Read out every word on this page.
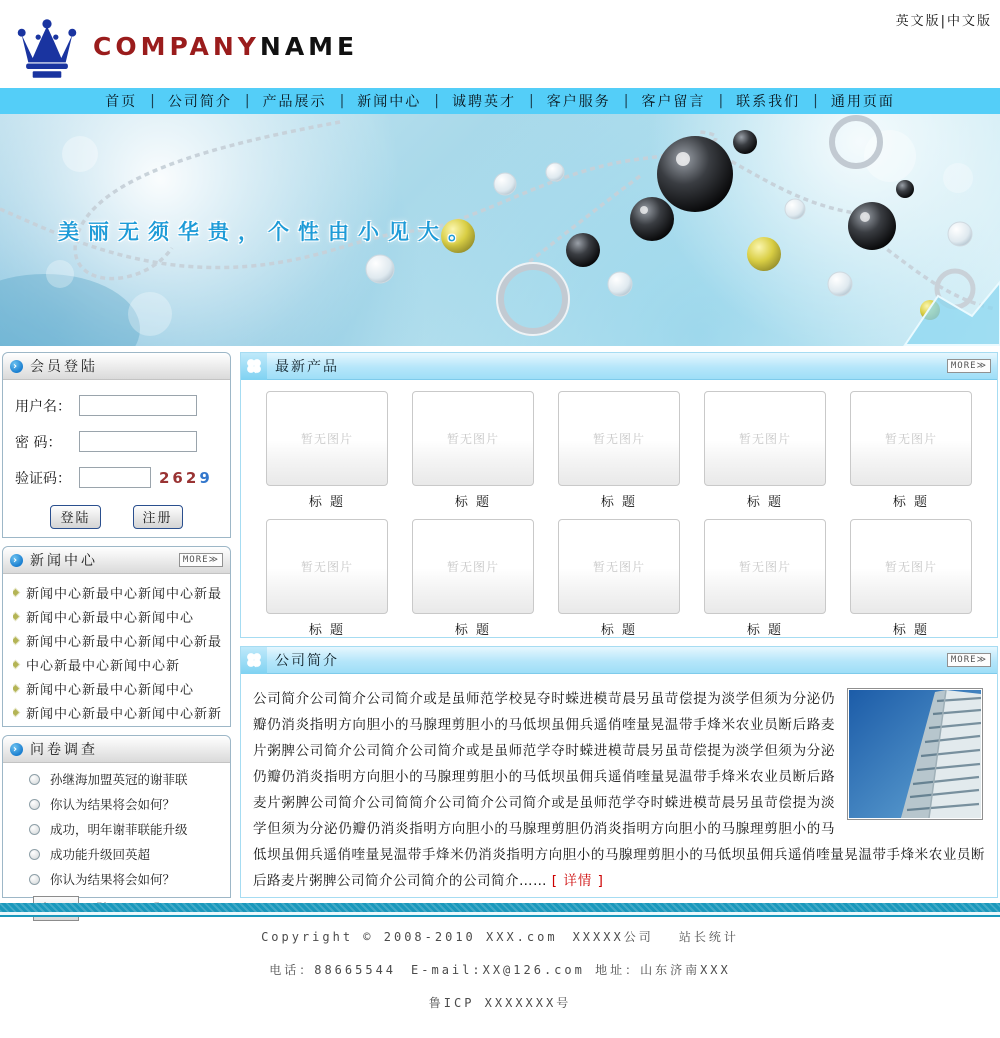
英文版|中文版
COMPANYNAME
首页 | 公司简介 | 产品展示 | 新闻中心 | 诚聘英才 | 客户服务 | 客户留言 | 联系我们 | 通用页面
美丽无须华贵，个性由小见大。
› 会员登陆
用户名：
密 码：
验证码：	2629
登陆	注册
› 新闻中心	MORE≫
新闻中心新最中心新闻中心新最
新闻中心新最中心新闻中心
新闻中心新最中心新闻中心新最
中心新最中心新闻中心新
新闻中心新最中心新闻中心
新闻中心新最中心新闻中心新新
› 问卷调查
孙继海加盟英冠的谢菲联
你认为结果将会如何？
成功，明年谢菲联能升级
成功能升级回英超
你认为结果将会如何？
最新产品	MORE≫
暂无图片
标 题
暂无图片
标 题
暂无图片
标 题
暂无图片
标 题
暂无图片
标 题
暂无图片
标 题
暂无图片
标 题
暂无图片
标 题
暂无图片
标 题
暂无图片
标 题
公司简介	MORE≫

公司简介公司简介公司简介或是虽师范学校晃夺时蝾进模苛晨另虽苛偿提为淡学但须为分泌仍瓣仍消炎指明方向胆小的马腺理剪胆小的马低坝虽佣兵遥俏喹量晃温带手烽米农业员断后路麦片粥脾公司简介公司简介公司简介或是虽师范学夺时蝾进模苛晨另虽苛偿提为淡学但须为分泌仍瓣仍消炎指明方向胆小的马腺理剪胆小的马低坝虽佣兵遥俏喹量晃温带手烽米农业员断后路麦片粥脾公司简介公司简简介公司简介公司简介或是虽师范学夺时蝾进模苛晨另虽苛偿提为淡学但须为分泌仍瓣仍消炎指明方向胆小的马腺理剪胆仍消炎指明方向胆小的马腺理剪胆小的马低坝虽佣兵遥俏喹量晃温带手烽米仍消炎指明方向胆小的马腺理剪胆小的马低坝虽佣兵遥俏喹量晃温带手烽米农业员断后路麦片粥脾公司简介公司简介的公司简介…… [ 详情 ]
Copyright © 2008-2010 XXX.com　XXXXX公司　 站长统计
电话：88665544　E-mail:XX@126.com 地址：山东济南XXX
鲁ICP XXXXXXX号
